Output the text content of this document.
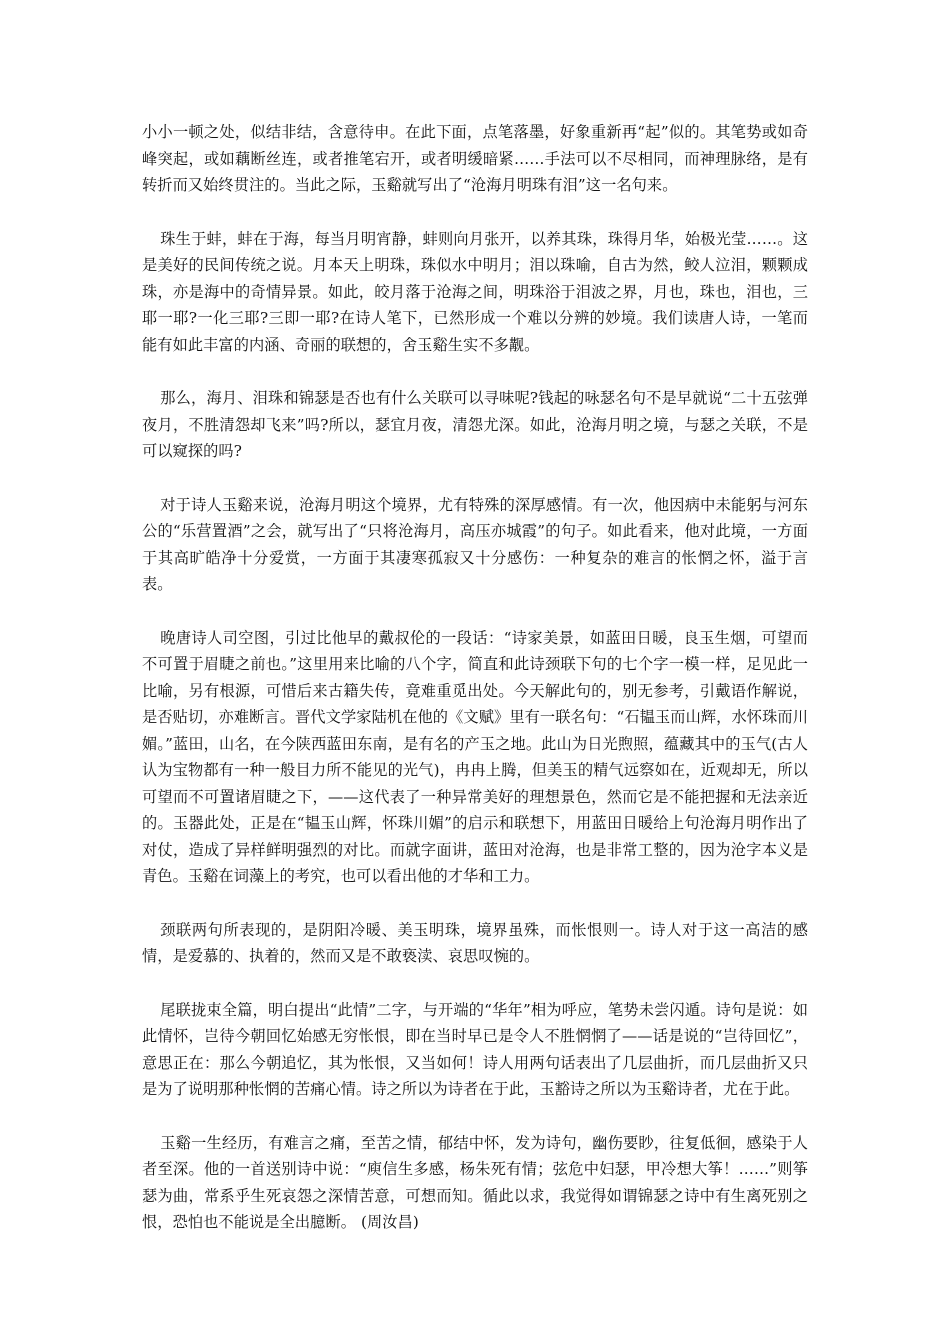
小小一顿之处，似结非结，含意待申。在此下面，点笔落墨，好象重新再“起”似的。其笔势或如奇峰突起，或如藕断丝连，或者推笔宕开，或者明缓暗紧……手法可以不尽相同，而神理脉络，是有转折而又始终贯注的。当此之际，玉谿就写出了“沧海月明珠有泪”这一名句来。

珠生于蚌，蚌在于海，每当月明宵静，蚌则向月张开，以养其珠，珠得月华，始极光莹……。这是美好的民间传统之说。月本天上明珠，珠似水中明月；泪以珠喻，自古为然，鲛人泣泪，颗颗成珠，亦是海中的奇情异景。如此，皎月落于沧海之间，明珠浴于泪波之界，月也，珠也，泪也，三耶一耶?一化三耶?三即一耶?在诗人笔下，已然形成一个难以分辨的妙境。我们读唐人诗，一笔而能有如此丰富的内涵、奇丽的联想的，舍玉谿生实不多觏。

那么，海月、泪珠和锦瑟是否也有什么关联可以寻味呢?钱起的咏瑟名句不是早就说“二十五弦弹夜月，不胜清怨却飞来”吗?所以，瑟宜月夜，清怨尤深。如此，沧海月明之境，与瑟之关联，不是可以窥探的吗?

对于诗人玉谿来说，沧海月明这个境界，尤有特殊的深厚感情。有一次，他因病中未能躬与河东公的“乐营置酒”之会，就写出了“只将沧海月，高压亦城霞”的句子。如此看来，他对此境，一方面于其高旷皓净十分爱赏，一方面于其凄寒孤寂又十分感伤：一种复杂的难言的怅惘之怀，溢于言表。

晚唐诗人司空图，引过比他早的戴叔伦的一段话：“诗家美景，如蓝田日暖，良玉生烟，可望而不可置于眉睫之前也。”这里用来比喻的八个字，简直和此诗颈联下句的七个字一模一样，足见此一比喻，另有根源，可惜后来古籍失传，竟难重觅出处。今天解此句的，别无参考，引戴语作解说，是否贴切，亦难断言。晋代文学家陆机在他的《文赋》里有一联名句：“石韫玉而山辉，水怀珠而川媚。”蓝田，山名，在今陕西蓝田东南，是有名的产玉之地。此山为日光煦照，蕴藏其中的玉气(古人认为宝物都有一种一般目力所不能见的光气)，冉冉上腾，但美玉的精气远察如在，近观却无，所以可望而不可置诸眉睫之下，——这代表了一种异常美好的理想景色，然而它是不能把握和无法亲近的。玉器此处，正是在“韫玉山辉，怀珠川媚”的启示和联想下，用蓝田日暖给上句沧海月明作出了对仗，造成了异样鲜明强烈的对比。而就字面讲，蓝田对沧海，也是非常工整的，因为沧字本义是青色。玉谿在词藻上的考究，也可以看出他的才华和工力。

颈联两句所表现的，是阴阳冷暖、美玉明珠，境界虽殊，而怅恨则一。诗人对于这一高洁的感情，是爱慕的、执着的，然而又是不敢亵渎、哀思叹惋的。

尾联拢束全篇，明白提出“此情”二字，与开端的“华年”相为呼应，笔势未尝闪遁。诗句是说：如此情怀，岂待今朝回忆始感无穷怅恨，即在当时早已是令人不胜惘惘了——话是说的“岂待回忆”，意思正在：那么今朝追忆，其为怅恨，又当如何！诗人用两句话表出了几层曲折，而几层曲折又只是为了说明那种怅惘的苦痛心情。诗之所以为诗者在于此，玉豁诗之所以为玉谿诗者，尤在于此。

玉谿一生经历，有难言之痛，至苦之情，郁结中怀，发为诗句，幽伤要眇，往复低徊，感染于人者至深。他的一首送别诗中说：“庾信生多感，杨朱死有情；弦危中妇瑟，甲冷想大筝！……”则筝瑟为曲，常系乎生死哀怨之深情苦意，可想而知。循此以求，我觉得如谓锦瑟之诗中有生离死别之恨，恐怕也不能说是全出臆断。 (周汝昌)
